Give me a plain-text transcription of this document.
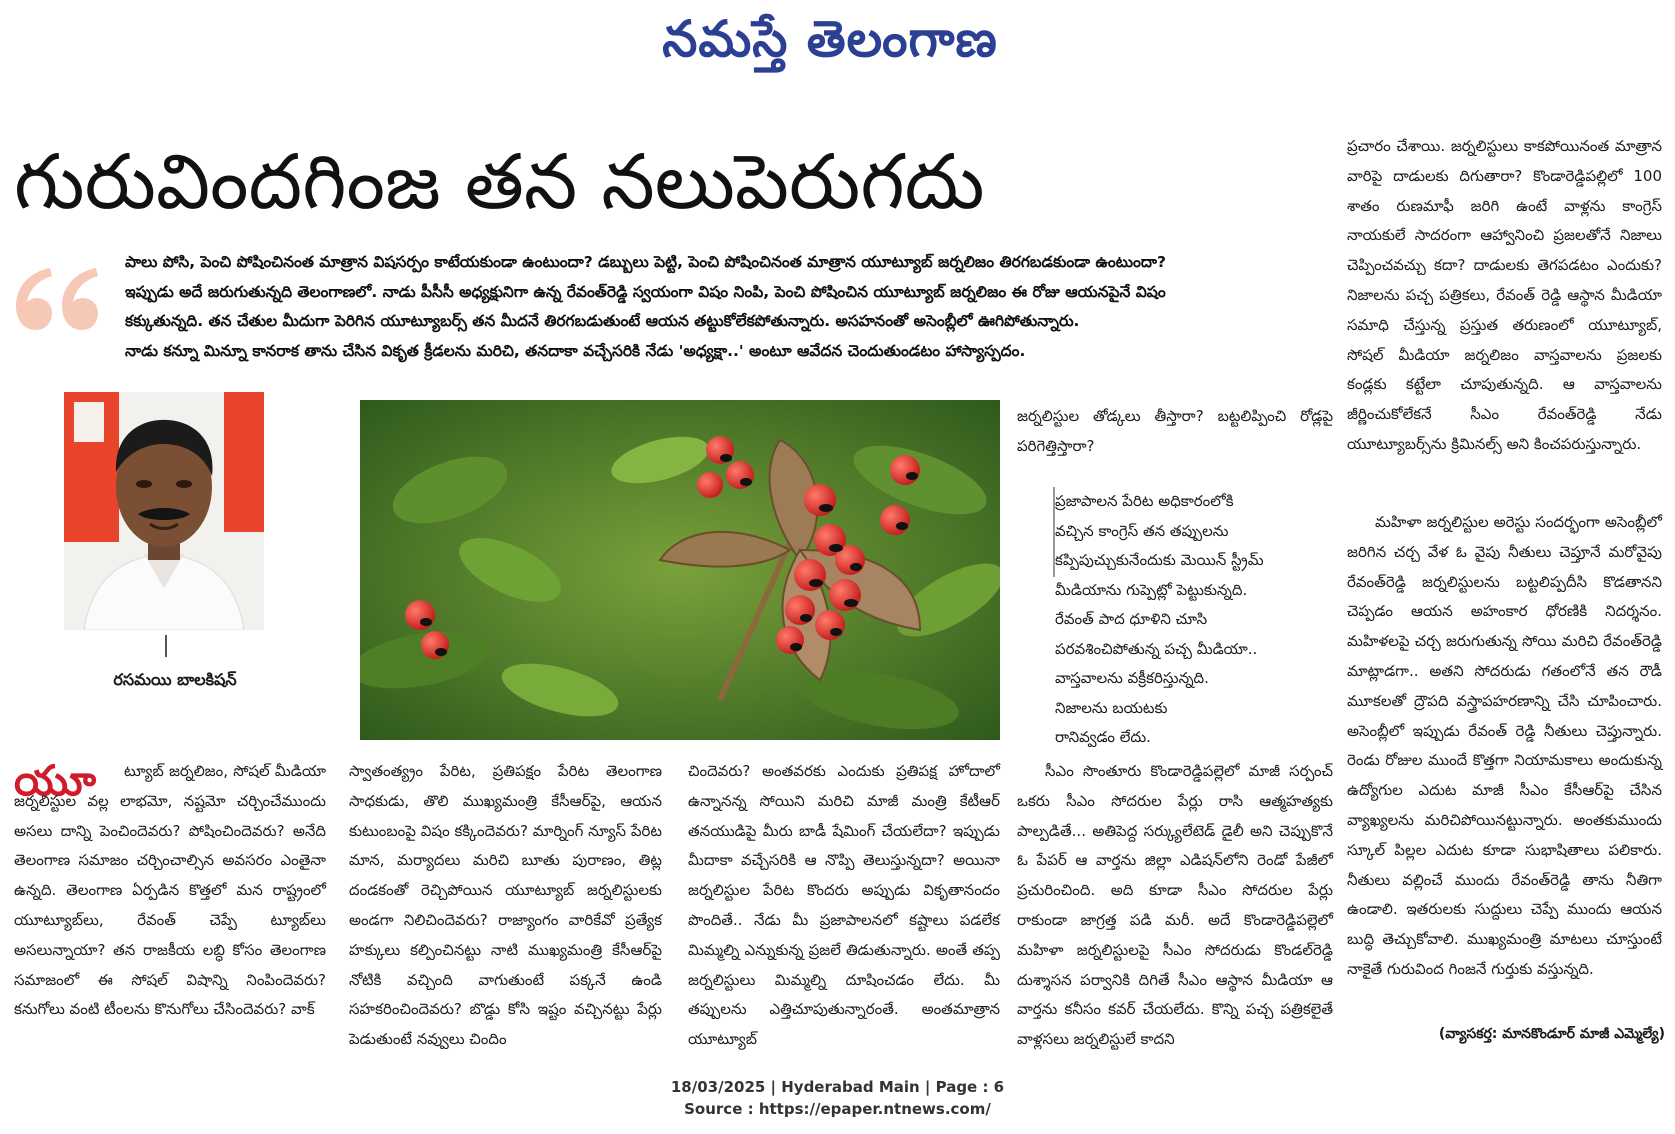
నమస్తే తెలంగాణ
గురువిందగింజ తన నలుపెరుగదు

పాలు పోసి, పెంచి పోషించినంత మాత్రాన విషసర్పం కాటేయకుండా ఉంటుందా? డబ్బులు పెట్టి, పెంచి పోషించినంత మాత్రాన యూట్యూబ్ జర్నలిజం తిరగబడకుండా ఉంటుందా?

ఇప్పుడు అదే జరుగుతున్నది తెలంగాణలో. నాడు పీసీసీ అధ్యక్షునిగా ఉన్న రేవంత్‌రెడ్డి స్వయంగా విషం నింపి, పెంచి పోషించిన యూట్యూబ్ జర్నలిజం ఈ రోజు ఆయనపైనే విషం

కక్కుతున్నది. తన చేతుల మీదుగా పెరిగిన యూట్యూబర్స్ తన మీదనే తిరగబడుతుంటే ఆయన తట్టుకోలేకపోతున్నారు. అసహనంతో అసెంబ్లీలో ఊగిపోతున్నారు.

నాడు కన్నూ మిన్నూ కానరాక తాను చేసిన వికృత క్రీడలను మరిచి, తనదాకా వచ్చేసరికి నేడు 'అధ్యక్షా..' అంటూ ఆవేదన చెందుతుండటం హాస్యాస్పదం.

రసమయి బాలకిషన్
యూ	ట్యూబ్ జర్నలిజం, సోషల్ మీడియా జర్నలిస్టుల వల్ల లాభమో, నష్టమో చర్చించేముందు అసలు దాన్ని పెంచిందెవరు? పోషించిందెవరు? అనేది తెలంగాణ సమాజం చర్చించాల్సిన అవసరం ఎంతైనా ఉన్నది. తెలంగాణ ఏర్పడిన కొత్తలో మన రాష్ట్రంలో యూట్యూబ్‌లు, రేవంత్ చెప్పే ట్యూబ్‌లు అసలున్నాయా? తన రాజకీయ లబ్ధి కోసం తెలంగాణ సమాజంలో ఈ సోషల్ విషాన్ని నింపిందెవరు? కనుగోలు వంటి టీంలను కొనుగోలు చేసిందెవరు? వాక్
స్వాతంత్య్రం పేరిట, ప్రతిపక్షం పేరిట తెలంగాణ సాధకుడు, తొలి ముఖ్యమంత్రి కేసీఆర్‌పై, ఆయన కుటుంబంపై విషం కక్కిందెవరు? మార్నింగ్ న్యూస్ పేరిట మాన, మర్యాదలు మరిచి బూతు పురాణం, తిట్ల దండకంతో రెచ్చిపోయిన యూట్యూబ్ జర్నలిస్టులకు అండగా నిలిచిందెవరు? రాజ్యాంగం వారికేవో ప్రత్యేక హక్కులు కల్పించినట్టు నాటి ముఖ్యమంత్రి కేసీఆర్‌పై నోటికి వచ్చింది వాగుతుంటే పక్కనే ఉండి సహకరించిందెవరు? బొడ్డు కోసి ఇష్టం వచ్చినట్టు పేర్లు పెడుతుంటే నవ్వులు చిందిం
చిందెవరు? అంతవరకు ఎందుకు ప్రతిపక్ష హోదాలో ఉన్నానన్న సోయిని మరిచి మాజీ మంత్రి కేటీఆర్ తనయుడిపై మీరు బాడీ షేమింగ్ చేయలేదా? ఇప్పుడు మీదాకా వచ్చేసరికి ఆ నొప్పి తెలుస్తున్నదా? అయినా జర్నలిస్టుల పేరిట కొందరు అప్పుడు వికృతానందం పొందితే.. నేడు మీ ప్రజాపాలనలో కష్టాలు పడలేక మిమ్మల్ని ఎన్నుకున్న ప్రజలే తిడుతున్నారు. అంతే తప్ప జర్నలిస్టులు మిమ్మల్ని దూషించడం లేదు. మీ తప్పులను ఎత్తిచూపుతున్నారంతే. అంతమాత్రాన యూట్యూబ్
జర్నలిస్టుల తోడ్కలు తీస్తారా? బట్టలిప్పించి రోడ్లపై పరిగెత్తిస్తారా?
ప్రజాపాలన పేరిట అధికారంలోకి
వచ్చిన కాంగ్రెస్ తన తప్పులను
కప్పిపుచ్చుకునేందుకు మెయిన్ స్ట్రీమ్
మీడియాను గుప్పెట్లో పెట్టుకున్నది.
రేవంత్ పాద ధూళిని చూసి
పరవశించిపోతున్న పచ్చ మీడియా..
వాస్తవాలను వక్రీకరిస్తున్నది.
నిజాలను బయటకు
రానివ్వడం లేదు.
సీఎం సొంతూరు కొండారెడ్డిపల్లెలో మాజీ సర్పంచ్ ఒకరు సీఎం సోదరుల పేర్లు రాసి ఆత్మహత్యకు పాల్పడితే... అతిపెద్ద సర్క్యులేటెడ్ డైలీ అని చెప్పుకొనే ఓ పేపర్ ఆ వార్తను జిల్లా ఎడిషన్‌లోని రెండో పేజీలో ప్రచురించింది. అది కూడా సీఎం సోదరుల పేర్లు రాకుండా జాగ్రత్త పడి మరీ. అదే కొండారెడ్డిపల్లెలో మహిళా జర్నలిస్టులపై సీఎం సోదరుడు కొండల్‌రెడ్డి దుశ్శాసన పర్వానికి దిగితే సీఎం ఆస్థాన మీడియా ఆ వార్తను కనీసం కవర్ చేయలేదు. కొన్ని పచ్చ పత్రికలైతే వాళ్లసలు జర్నలిస్టులే కాదని
ప్రచారం చేశాయి. జర్నలిస్టులు కాకపోయినంత మాత్రాన వారిపై దాడులకు దిగుతారా? కొండారెడ్డిపల్లిలో 100 శాతం రుణమాఫీ జరిగి ఉంటే వాళ్లను కాంగ్రెస్ నాయకులే సాదరంగా ఆహ్వానించి ప్రజలతోనే నిజాలు చెప్పించవచ్చు కదా? దాడులకు తెగపడటం ఎందుకు? నిజాలను పచ్చ పత్రికలు, రేవంత్ రెడ్డి ఆస్థాన మీడియా సమాధి చేస్తున్న ప్రస్తుత తరుణంలో యూట్యూబ్, సోషల్ మీడియా జర్నలిజం వాస్తవాలను ప్రజలకు కండ్లకు కట్టేలా చూపుతున్నది. ఆ వాస్తవాలను జీర్ణించుకోలేకనే సీఎం రేవంత్‌రెడ్డి నేడు యూట్యూబర్స్‌ను క్రిమినల్స్ అని కించపరుస్తున్నారు.
మహిళా జర్నలిస్టుల అరెస్టు సందర్భంగా అసెంబ్లీలో జరిగిన చర్చ వేళ ఓ వైపు నీతులు చెప్తూనే మరోవైపు రేవంత్‌రెడ్డి జర్నలిస్టులను బట్టలిప్పదీసి కొడతానని చెప్పడం ఆయన అహంకార ధోరణికి నిదర్శనం. మహిళలపై చర్చ జరుగుతున్న సోయి మరిచి రేవంత్‌రెడ్డి మాట్లాడగా.. అతని సోదరుడు గతంలోనే తన రౌడీ మూకలతో ద్రౌపది వస్త్రాపహరణాన్ని చేసి చూపించారు. అసెంబ్లీలో ఇప్పుడు రేవంత్ రెడ్డి నీతులు చెప్తున్నారు. రెండు రోజుల ముందే కొత్తగా నియామకాలు అందుకున్న ఉద్యోగుల ఎదుట మాజీ సీఎం కేసీఆర్‌పై చేసిన వ్యాఖ్యలను మరిచిపోయినట్టున్నారు. అంతకుముందు స్కూల్ పిల్లల ఎదుట కూడా సుభాషితాలు పలికారు. నీతులు వల్లించే ముందు రేవంత్‌రెడ్డి తాను నీతిగా ఉండాలి. ఇతరులకు సుద్దులు చెప్పే ముందు ఆయన బుద్ధి తెచ్చుకోవాలి. ముఖ్యమంత్రి మాటలు చూస్తుంటే నాకైతే గురువింద గింజనే గుర్తుకు వస్తున్నది.
(వ్యాసకర్త: మానకొండూర్ మాజీ ఎమ్మెల్యే)
18/03/2025 | Hyderabad Main | Page : 6
Source : https://epaper.ntnews.com/
